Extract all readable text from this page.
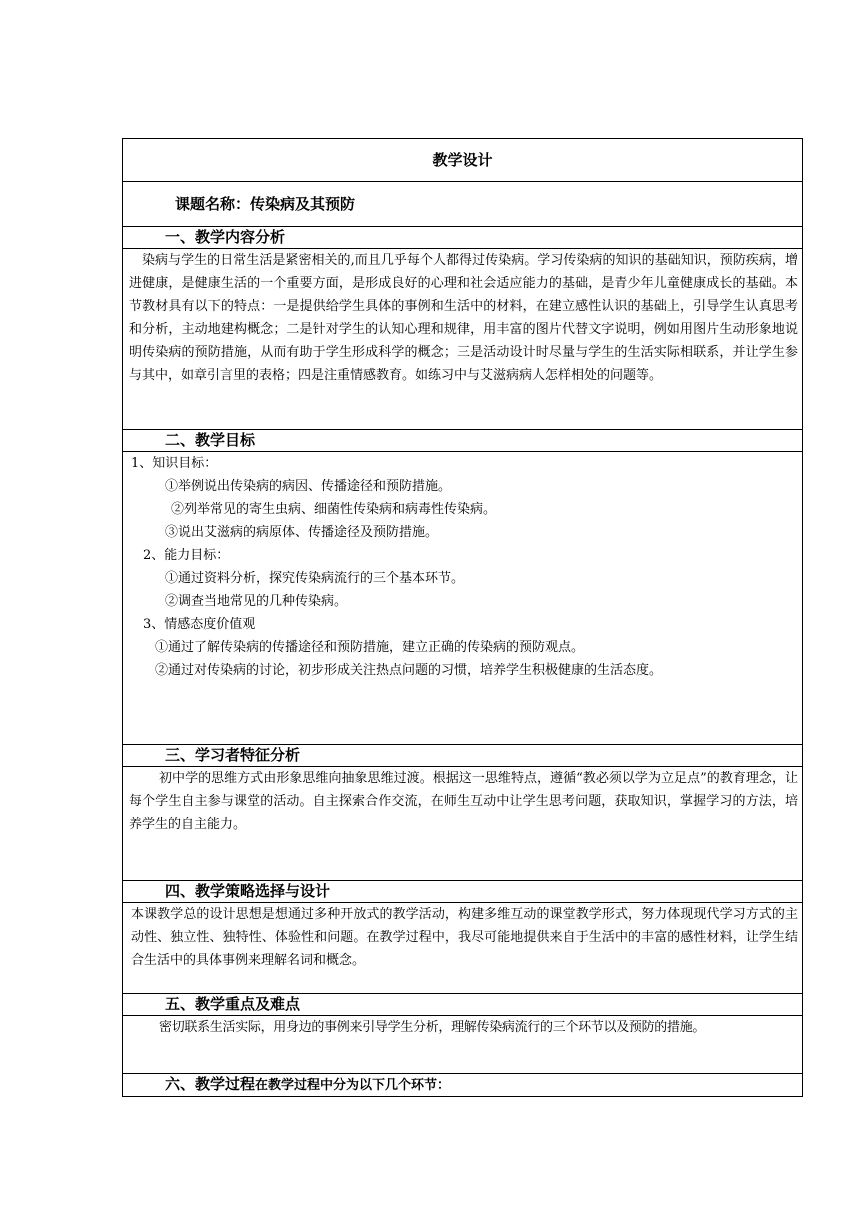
教学设计
课题名称：传染病及其预防
一、教学内容分析

染病与学生的日常生活是紧密相关的,而且几乎每个人都得过传染病。学习传染病的知识的基础知识，预防疾病，增进健康，是健康生活的一个重要方面，是形成良好的心理和社会适应能力的基础，是青少年儿童健康成长的基础。本节教材具有以下的特点：一是提供给学生具体的事例和生活中的材料，在建立感性认识的基础上，引导学生认真思考和分析，主动地建构概念；二是针对学生的认知心理和规律，用丰富的图片代替文字说明，例如用图片生动形象地说明传染病的预防措施，从而有助于学生形成科学的概念；三是活动设计时尽量与学生的生活实际相联系，并让学生参与其中，如章引言里的表格；四是注重情感教育。如练习中与艾滋病病人怎样相处的问题等。

二、教学目标

1、知识目标：

①举例说出传染病的病因、传播途径和预防措施。

②列举常见的寄生虫病、细菌性传染病和病毒性传染病。

③说出艾滋病的病原体、传播途径及预防措施。

2、能力目标：

①通过资料分析，探究传染病流行的三个基本环节。

②调查当地常见的几种传染病。

3、情感态度价值观

①通过了解传染病的传播途径和预防措施，建立正确的传染病的预防观点。

②通过对传染病的讨论，初步形成关注热点问题的习惯，培养学生积极健康的生活态度。

三、学习者特征分析

初中学的思维方式由形象思维向抽象思维过渡。根据这一思维特点，遵循“教必须以学为立足点”的教育理念，让每个学生自主参与课堂的活动。自主探索合作交流，在师生互动中让学生思考问题，获取知识，掌握学习的方法，培养学生的自主能力。

四、教学策略选择与设计

本课教学总的设计思想是想通过多种开放式的教学活动，构建多维互动的课堂教学形式，努力体现现代学习方式的主动性、独立性、独特性、体验性和问题。在教学过程中，我尽可能地提供来自于生活中的丰富的感性材料，让学生结合生活中的具体事例来理解名词和概念。

五、教学重点及难点

密切联系生活实际，用身边的事例来引导学生分析，理解传染病流行的三个环节以及预防的措施。

六、教学过程在教学过程中分为以下几个环节：
